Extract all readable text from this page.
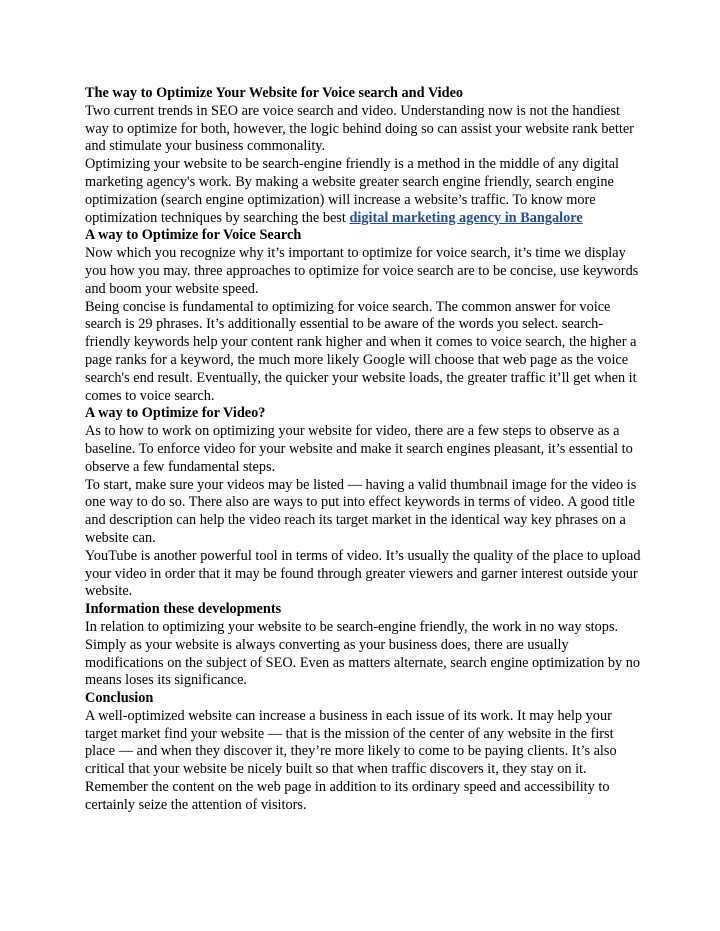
The way to Optimize Your Website for Voice search and Video

Two current trends in SEO are voice search and video. Understanding now is not the handiest way to optimize for both, however, the logic behind doing so can assist your website rank better and stimulate your business commonality.

Optimizing your website to be search-engine friendly is a method in the middle of any digital marketing agency's work. By making a website greater search engine friendly, search engine optimization (search engine optimization) will increase a website’s traffic. To know more optimization techniques by searching the best digital marketing agency in Bangalore

A way to Optimize for Voice Search

Now which you recognize why it’s important to optimize for voice search, it’s time we display you how you may. three approaches to optimize for voice search are to be concise, use keywords and boom your website speed.

Being concise is fundamental to optimizing for voice search. The common answer for voice search is 29 phrases. It’s additionally essential to be aware of the words you select. search-friendly keywords help your content rank higher and when it comes to voice search, the higher a page ranks for a keyword, the much more likely Google will choose that web page as the voice search's end result. Eventually, the quicker your website loads, the greater traffic it’ll get when it comes to voice search.

A way to Optimize for Video?

As to how to work on optimizing your website for video, there are a few steps to observe as a baseline. To enforce video for your website and make it search engines pleasant, it’s essential to observe a few fundamental steps.

To start, make sure your videos may be listed — having a valid thumbnail image for the video is one way to do so. There also are ways to put into effect keywords in terms of video. A good title and description can help the video reach its target market in the identical way key phrases on a website can.

YouTube is another powerful tool in terms of video. It’s usually the quality of the place to upload your video in order that it may be found through greater viewers and garner interest outside your website.

Information these developments

In relation to optimizing your website to be search-engine friendly, the work in no way stops. Simply as your website is always converting as your business does, there are usually modifications on the subject of SEO. Even as matters alternate, search engine optimization by no means loses its significance.

Conclusion

A well-optimized website can increase a business in each issue of its work. It may help your target market find your website — that is the mission of the center of any website in the first place — and when they discover it, they’re more likely to come to be paying clients. It’s also critical that your website be nicely built so that when traffic discovers it, they stay on it. Remember the content on the web page in addition to its ordinary speed and accessibility to certainly seize the attention of visitors.
